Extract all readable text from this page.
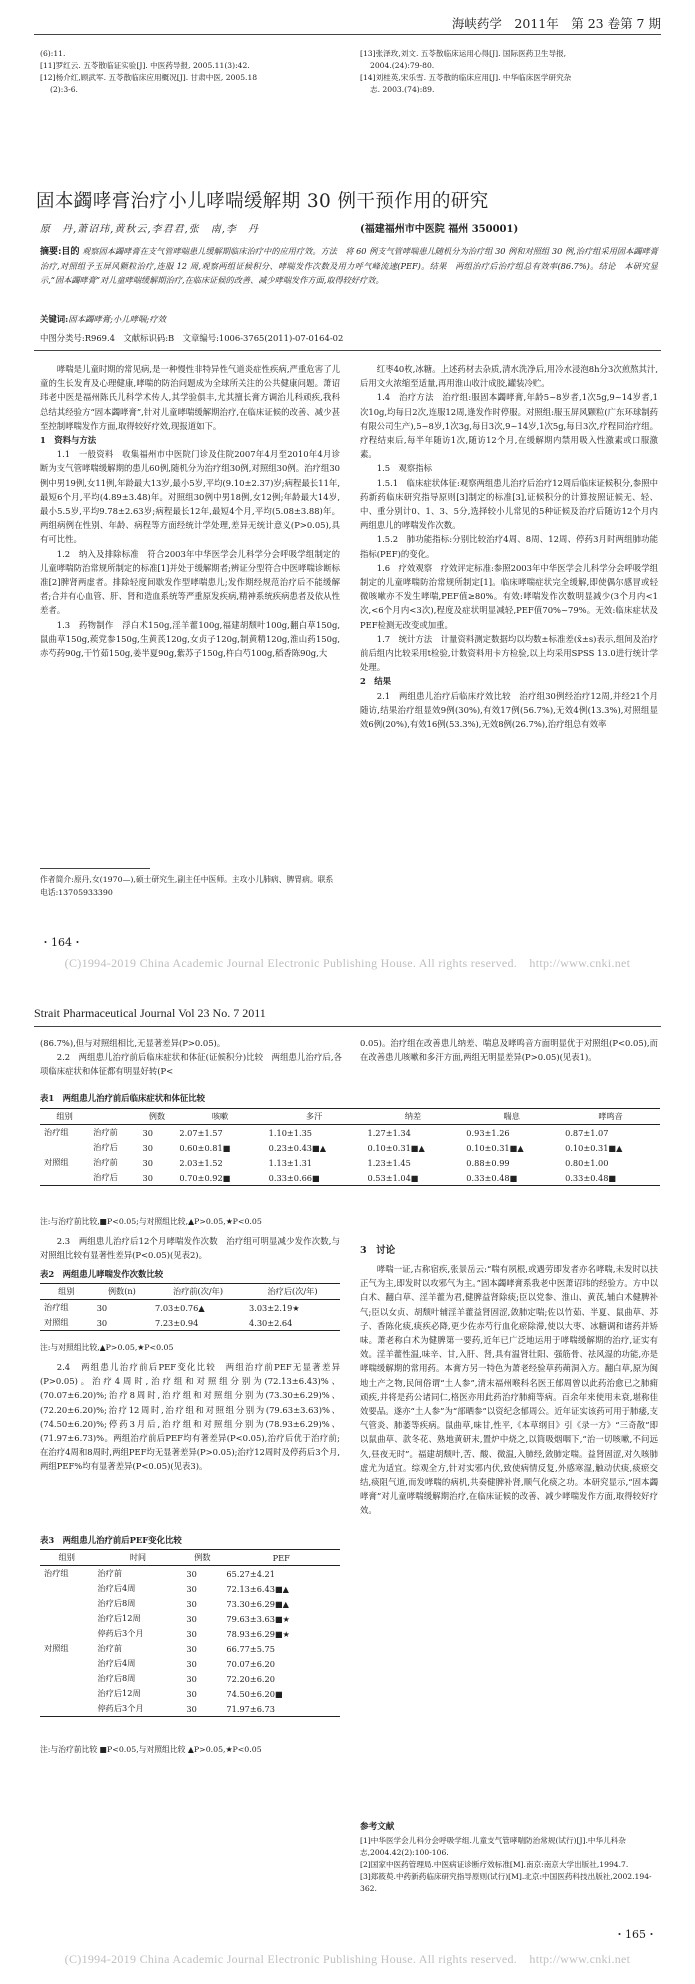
海峡药学　2011年　第 23 卷第 7 期
(6):11.
[11]罗红云. 五苓散临证实验[J]. 中医药导报, 2005.11(3):42.
[12]杨介红,顾武军. 五苓散临床应用概况[J]. 甘肃中医, 2005.18
(2):3-6.
[13]张泽玫,刘文. 五苓散临床运用心得[J]. 国际医药卫生导报,
2004.(24):79-80.
[14]刘桂英,宋乐雪. 五苓散的临床应用[J]. 中华临床医学研究杂
志. 2003.(74):89.
固本蠲哮膏治疗小儿哮喘缓解期 30 例干预作用的研究
原　丹,萧诏玮,黄秋云,李君君,张　南,李　丹	(福建福州市中医院 福州 350001)
摘要:目的 观察固本蠲哮膏在支气管哮喘患儿缓解期临床治疗中的应用疗效。方法　将 60 例支气管哮喘患儿随机分为治疗组 30 例和对照组 30 例,治疗组采用固本蠲哮膏治疗,对照组予玉屏风颗粒治疗,连服 12 周,观察两组证候积分、哮喘发作次数及用力呼气峰流速(PEF)。结果　两组治疗后治疗组总有效率(86.7%)。结论　本研究显示,“固本蠲哮膏”对儿童哮喘缓解期治疗,在临床证候的改善、减少哮喘发作方面,取得较好疗效。
关键词:固本蠲哮膏;小儿哮喘;疗效
中图分类号:R969.4　文献标识码:B　文章编号:1006-3765(2011)-07-0164-02

哮喘是儿童时期的常见病,是一种慢性非特异性气道炎症性疾病,严重危害了儿童的生长发育及心理健康,哮喘的防治问题成为全球所关注的公共健康问题。萧诏玮老中医是福州陈氏儿科学术传人,其学验俱丰,尤其擅长膏方调治儿科顽疾,我科总结其经验方“固本蠲哮膏”,针对儿童哮喘缓解期治疗,在临床证候的改善、减少甚至控制哮喘发作方面,取得较好疗效,现报道如下。

1　资料与方法

1.1　一般资料　收集福州市中医院门诊及住院2007年4月至2010年4月诊断为支气管哮喘缓解期的患儿60例,随机分为治疗组30例,对照组30例。治疗组30例中男19例,女11例,年龄最大13岁,最小5岁,平均(9.10±2.37)岁;病程最长11年,最短6个月,平均(4.89±3.48)年。对照组30例中男18例,女12例;年龄最大14岁,最小5.5岁,平均9.78±2.63岁;病程最长12年,最短4个月,平均(5.08±3.88)年。两组病例在性别、年龄、病程等方面经统计学处理,差异无统计意义(P>0.05),具有可比性。

1.2　纳入及排除标准　符合2003年中华医学会儿科学分会呼吸学组制定的儿童哮喘防治常规所制定的标准[1]并处于缓解期者;辨证分型符合中医哮喘诊断标准[2]脾肾两虚者。排除轻度间歇发作型哮喘患儿;发作期经规范治疗后不能缓解者;合并有心血管、肝、肾和造血系统等严重原发疾病,精神系统疾病患者及依从性差者。

1.3　药物制作　浮白术150g,淫羊藿100g,福建胡颓叶100g,翻白草150g,鼠曲草150g,蒺党参150g,生黄芪120g,女贞子120g,制黄精120g,淮山药150g,赤芍药90g,干竹茹150g,姜半夏90g,紫苏子150g,杵白芍100g,稻香陈90g,大

作者简介:原丹,女(1970—),硕士研究生,副主任中医师。主攻小儿肺病、脾胃病。联系电话:13705933390

红枣40枚,冰糖。上述药材去杂质,清水洗净后,用冷水浸泡8h分3次煎熬其汁,后用文火浓缩至适量,再用淮山收汁成胶,罐装冷贮。

1.4　治疗方法　治疗组:服固本蠲哮膏,年龄5~8岁者,1次5g,9~14岁者,1次10g,均每日2次,连服12周,逢发作时停服。对照组:服玉屏风颗粒(广东环球制药有限公司生产),5~8岁,1次3g,每日3次,9~14岁,1次5g,每日3次,疗程同治疗组。疗程结束后,每半年随访1次,随访12个月,在缓解期内禁用吸入性激素或口服激素。

1.5　观察指标

1.5.1　临床症状体征:观察两组患儿治疗后治疗12周后临床证候积分,参照中药新药临床研究指导原则[3]制定的标准[3],证候积分的计算按照证候无、轻、中、重分别计0、1、3、5分,选择较小儿常见的5种证候及治疗后随访12个月内两组患儿的哮喘发作次数。

1.5.2　肺功能指标:分别比较治疗4周、8周、12周、停药3月时两组肺功能指标(PEF)的变化。

1.6　疗效观察　疗效评定标准:参照2003年中华医学会儿科学分会呼吸学组制定的儿童哮喘防治常规所制定[1]。临床哮喘症状完全缓解,即使偶尔感冒或轻微咳嗽亦不发生哮喘,PEF值≥80%。有效:哮喘发作次数明显减少(3个月内<1次,<6个月内<3次),程度及症状明显减轻,PEF值70%~79%。无效:临床症状及PEF检测无改变或加重。

1.7　统计方法　计量资料测定数据均以均数±标准差(x̄±s)表示,组间及治疗前后组内比较采用t检验,计数资料用卡方检验,以上均采用SPSS 13.0进行统计学处理。

2　结果

2.1　两组患儿治疗后临床疗效比较　治疗组30例经治疗12周,并经21个月随访,结果治疗组显效9例(30%),有效17例(56.7%),无效4例(13.3%),对照组显效6例(20%),有效16例(53.3%),无效8例(26.7%),治疗组总有效率

・164・
(C)1994-2019 China Academic Journal Electronic Publishing House. All rights reserved.　http://www.cnki.net
Strait Pharmaceutical Journal Vol 23 No. 7 2011

(86.7%),但与对照组相比,无显著差异(P>0.05)。

2.2　两组患儿治疗前后临床症状和体征(证候积分)比较　两组患儿治疗后,各项临床症状和体征都有明显好转(P<

0.05)。治疗组在改善患儿纳差、喘息及哮鸣音方面明显优于对照组(P<0.05),而在改善患儿咳嗽和多汗方面,两组无明显差异(P>0.05)(见表1)。

表1　两组患儿治疗前后临床症状和体征比较
组别		例数	咳嗽	多汗	纳差	喘息	哮鸣音
治疗组	治疗前	30	2.07±1.57	1.10±1.35	1.27±1.34	0.93±1.26	0.87±1.07
	治疗后	30	0.60±0.81■	0.23±0.43■▲	0.10±0.31■▲	0.10±0.31■▲	0.10±0.31■▲
对照组	治疗前	30	2.03±1.52	1.13±1.31	1.23±1.45	0.88±0.99	0.80±1.00
	治疗后	30	0.70±0.92■	0.33±0.66■	0.53±1.04■	0.33±0.48■	0.33±0.48■
注:与治疗前比较,■P<0.05;与对照组比较,▲P>0.05,★P<0.05

2.3　两组患儿治疗后12个月哮喘发作次数　治疗组可明显减少发作次数,与对照组比较有显著性差异(P<0.05)(见表2)。

表2　两组患儿哮喘发作次数比较
组别	例数(n)	治疗前(次/年)	治疗后(次/年)
治疗组	30	7.03±0.76▲	3.03±2.19★
对照组	30	7.23±0.94	4.30±2.64
注:与对照组比较,▲P>0.05,★P<0.05

2.4　两组患儿治疗前后PEF变化比较　两组治疗前PEF无显著差异(P>0.05)。治疗4周时,治疗组和对照组分别为(72.13±6.43)%、(70.07±6.20)%;治疗8周时,治疗组和对照组分别为(73.30±6.29)%、(72.20±6.20)%;治疗12周时,治疗组和对照组分别为(79.63±3.63)%、(74.50±6.20)%;停药3月后,治疗组和对照组分别为(78.93±6.29)%、(71.97±6.73)%。两组治疗前后PEF均有著差异(P<0.05),治疗后优于治疗前;在治疗4周和8周时,两组PEF均无显著差异(P>0.05);治疗12周时及停药后3个月,两组PEF%均有显著差异(P<0.05)(见表3)。

表3　两组患儿治疗前后PEF变化比较
组别	时间	例数	PEF
治疗组	治疗前	30	65.27±4.21
	治疗后4周	30	72.13±6.43■▲
	治疗后8周	30	73.30±6.29■▲
	治疗后12周	30	79.63±3.63■★
	停药后3个月	30	78.93±6.29■★
对照组	治疗前	30	66.77±5.75
	治疗后4周	30	70.07±6.20
	治疗后8周	30	72.20±6.20
	治疗后12周	30	74.50±6.20■
	停药后3个月	30	71.97±6.73
注:与治疗前比较 ■P<0.05,与对照组比较 ▲P>0.05,★P<0.05
3　讨论

哮喘一证,古称宿疾,张景岳云:“喘有夙根,或遇劳即发者亦名哮喘,未发时以扶正气为主,即发时以攻邪气为主。”固本蠲哮膏系我老中医萧诏玮的经验方。方中以白术、翻白草、淫羊藿为君,健脾益肾除痰;臣以党参、淮山、黄芪,辅白术健脾补气;臣以女贞、胡颓叶辅淫羊藿益肾固涩,敛肺定喘;佐以竹茹、半夏、鼠曲草、苏子、香陈化痰,痰疾必降,更少佐赤芍行血化瘀除滞,使以大枣、冰糖调和诸药并矫味。萧老称白术为健脾第一要药,近年已广泛地运用于哮喘缓解期的治疗,证实有效。淫羊藿性温,味辛、甘,入肝、肾,具有温肾壮阳、强筋骨、祛风湿的功能,亦是哮喘缓解期的常用药。本膏方另一特色为萧老经验草药蒴洞入方。翻白草,原为闽地土产之物,民间俗谓“土人参”,清末福州喉科名医王郁周曾以此药治愈已之肺痈顽疾,并将是药公诸同仁,格医亦用此药治疗肺痈等病。百余年来使用未衰,堪称佳效要品。遂亦“土人参”为“部晒参”以资纪念郁周公。近年证实该药可用于肺痿,支气管炎、肺萎等疾病。鼠曲草,味甘,性平,《本草纲目》引《录一方》“三奇散”即以鼠曲草、款冬花、熟地黄研末,置炉中烧之,以筒吸烟咽下,“治一切咳嗽,不问远久,昼夜无时”。福建胡颓叶,苦、酸、微温,入肺经,敛肺定喘。益肾固涩,对久咳肺虚尤为适宜。综观全方,针对实邪内伏,致使病情反复,外感寒湿,触动伏痰,痰瘀交结,痰阻气道,而发哮喘的病机,共奏健脾补肾,顺气化痰之功。本研究显示,“固本蠲哮膏”对儿童哮喘缓解期治疗,在临床证候的改善、减少哮喘发作方面,取得较好疗效。

参考文献
[1]中华医学会儿科分会呼吸学组.儿童支气管哮喘防治常规(试行)[J].中华儿科杂志,2004.42(2):100-106.
[2]国家中医药管理局.中医病证诊断疗效标准[M].南京:南京大学出版社,1994.7.
[3]郑筱萸.中药新药临床研究指导原则(试行)[M].北京:中国医药科技出版社,2002.194-362.
・165・
(C)1994-2019 China Academic Journal Electronic Publishing House. All rights reserved.　http://www.cnki.net
